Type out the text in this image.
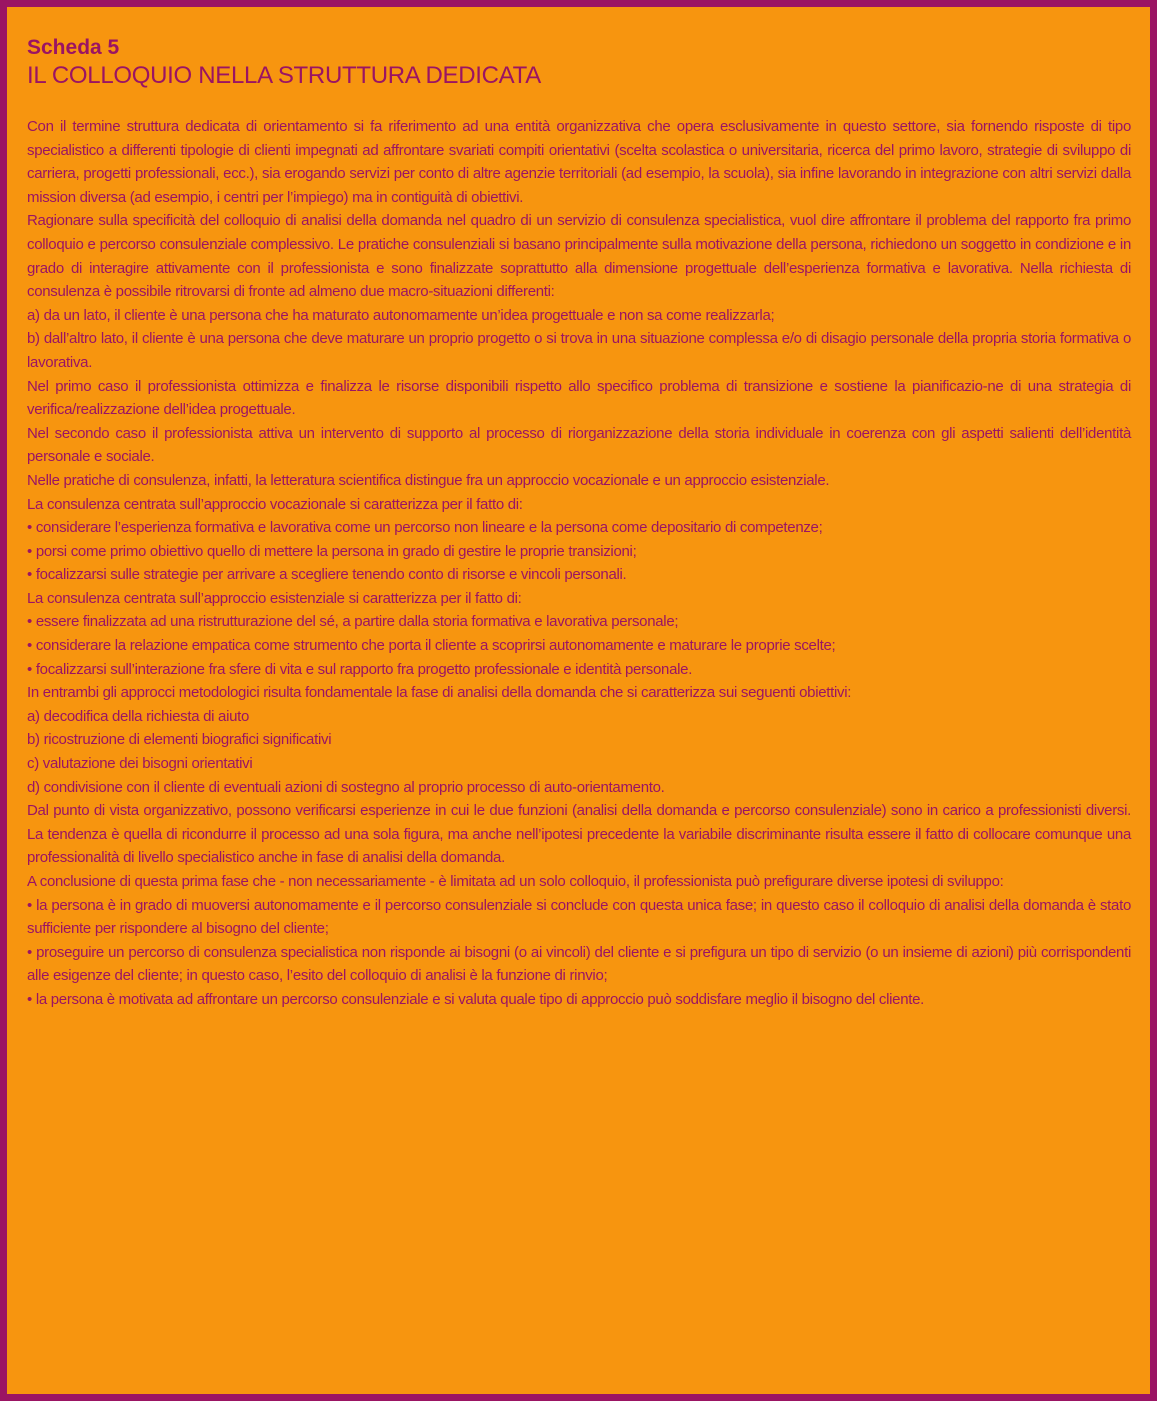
Scheda 5
IL COLLOQUIO NELLA STRUTTURA DEDICATA

Con il termine struttura dedicata di orientamento si fa riferimento ad una entità organizzativa che opera esclusivamente in questo settore, sia fornendo risposte di tipo specialistico a differenti tipologie di clienti impegnati ad affrontare svariati compiti orientativi (scelta scolastica o universitaria, ricerca del primo lavoro, strategie di sviluppo di carriera, progetti professionali, ecc.), sia erogando servizi per conto di altre agenzie territoriali (ad esempio, la scuola), sia infine lavorando in integrazione con altri servizi dalla mission diversa (ad esempio, i centri per l’impiego) ma in contiguità di obiettivi.

Ragionare sulla specificità del colloquio di analisi della domanda nel quadro di un servizio di consulenza specialistica, vuol dire affrontare il problema del rapporto fra primo colloquio e percorso consulenziale complessivo. Le pratiche consulenziali si basano principalmente sulla motivazione della persona, richiedono un soggetto in condizione e in grado di interagire attivamente con il professionista e sono finalizzate soprattutto alla dimensione progettuale dell’esperienza formativa e lavorativa. Nella richiesta di consulenza è possibile ritrovarsi di fronte ad almeno due macro-situazioni differenti:

a) da un lato, il cliente è una persona che ha maturato autonomamente un’idea progettuale e non sa come realizzarla;

b) dall’altro lato, il cliente è una persona che deve maturare un proprio progetto o si trova in una situazione complessa e/o di disagio personale della propria storia formativa o lavorativa.

Nel primo caso il professionista ottimizza e finalizza le risorse disponibili rispetto allo specifico problema di transizione e sostiene la pianificazio-ne di una strategia di verifica/realizzazione dell’idea progettuale.

Nel secondo caso il professionista attiva un intervento di supporto al processo di riorganizzazione della storia individuale in coerenza con gli aspetti salienti dell’identità personale e sociale.

Nelle pratiche di consulenza, infatti, la letteratura scientifica distingue fra un approccio vocazionale e un approccio esistenziale.

La consulenza centrata sull’approccio vocazionale si caratterizza per il fatto di:

• considerare l’esperienza formativa e lavorativa come un percorso non lineare e la persona come depositario di competenze;

• porsi come primo obiettivo quello di mettere la persona in grado di gestire le proprie transizioni;

• focalizzarsi sulle strategie per arrivare a scegliere tenendo conto di risorse e vincoli personali.

La consulenza centrata sull’approccio esistenziale si caratterizza per il fatto di:

• essere finalizzata ad una ristrutturazione del sé, a partire dalla storia formativa e lavorativa personale;

• considerare la relazione empatica come strumento che porta il cliente a scoprirsi autonomamente e maturare le proprie scelte;

• focalizzarsi sull’interazione fra sfere di vita e sul rapporto fra progetto professionale e identità personale.

In entrambi gli approcci metodologici risulta fondamentale la fase di analisi della domanda che si caratterizza sui seguenti obiettivi:

a) decodifica della richiesta di aiuto

b) ricostruzione di elementi biografici significativi

c) valutazione dei bisogni orientativi

d) condivisione con il cliente di eventuali azioni di sostegno al proprio processo di auto-orientamento.

Dal punto di vista organizzativo, possono verificarsi esperienze in cui le due funzioni (analisi della domanda e percorso consulenziale) sono in carico a professionisti diversi. La tendenza è quella di ricondurre il processo ad una sola figura, ma anche nell’ipotesi precedente la variabile discriminante risulta essere il fatto di collocare comunque una professionalità di livello specialistico anche in fase di analisi della domanda.

A conclusione di questa prima fase che - non necessariamente - è limitata ad un solo colloquio, il professionista può prefigurare diverse ipotesi di sviluppo:

• la persona è in grado di muoversi autonomamente e il percorso consulenziale si conclude con questa unica fase; in questo caso il colloquio di analisi della domanda è stato sufficiente per rispondere al bisogno del cliente;

• proseguire un percorso di consulenza specialistica non risponde ai bisogni (o ai vincoli) del cliente e si prefigura un tipo di servizio (o un insieme di azioni) più corrispondenti alle esigenze del cliente; in questo caso, l’esito del colloquio di analisi è la funzione di rinvio;

• la persona è motivata ad affrontare un percorso consulenziale e si valuta quale tipo di approccio può soddisfare meglio il bisogno del cliente.
